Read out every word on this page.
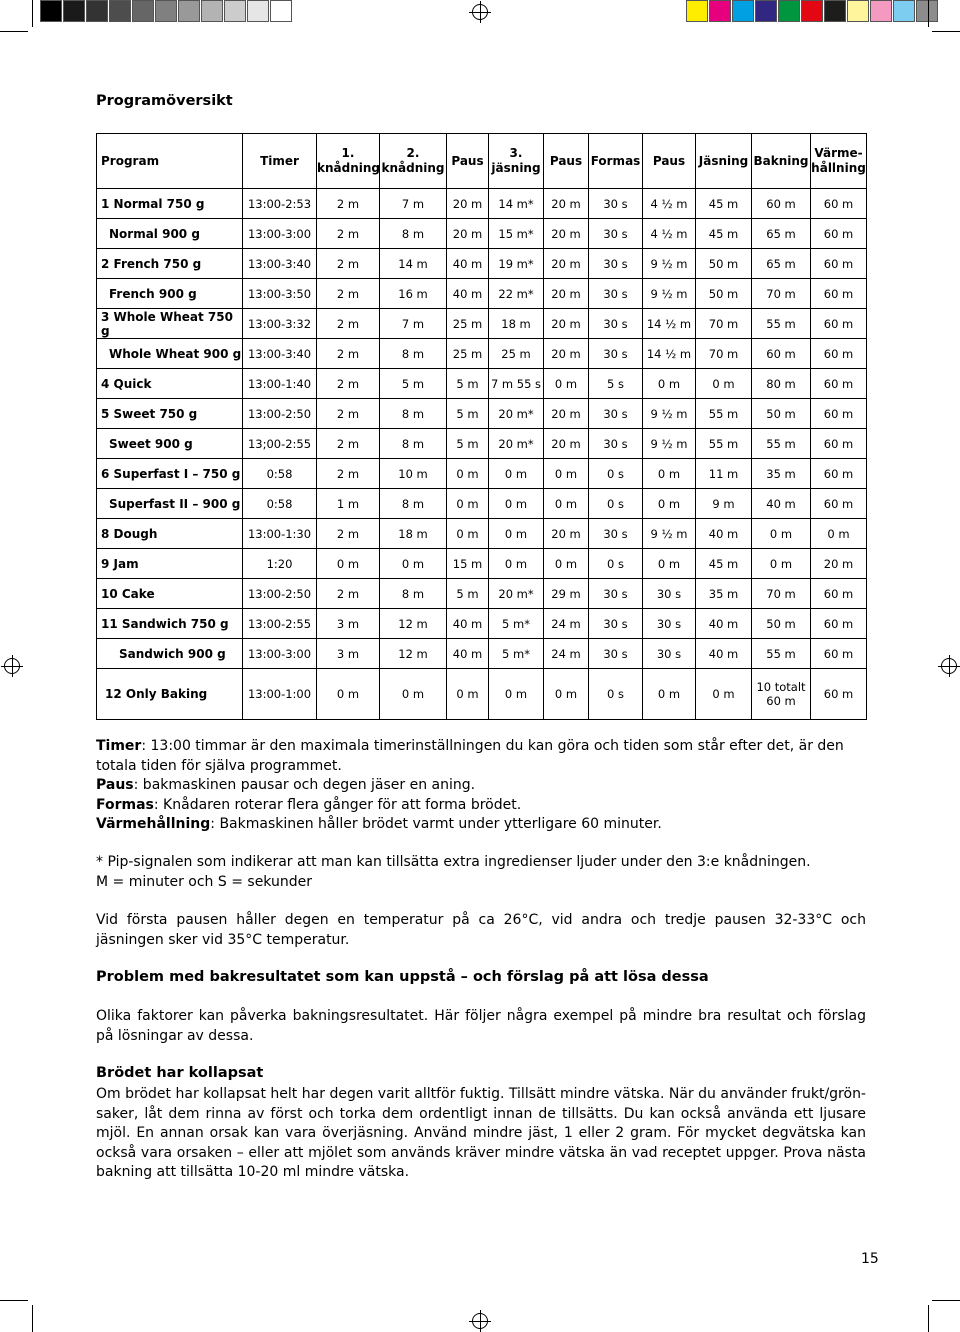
Programöversikt
Program	Timer	1. knådning	2. knådning	Paus	3. jäsning	Paus	Formas	Paus	Jäsning	Bakning	Värme-hållning
1 Normal 750 g	13:00-2:53	2 m	7 m	20 m	14 m*	20 m	30 s	4 ½ m	45 m	60 m	60 m
Normal 900 g	13:00-3:00	2 m	8 m	20 m	15 m*	20 m	30 s	4 ½ m	45 m	65 m	60 m
2 French 750 g	13:00-3:40	2 m	14 m	40 m	19 m*	20 m	30 s	9 ½ m	50 m	65 m	60 m
French 900 g	13:00-3:50	2 m	16 m	40 m	22 m*	20 m	30 s	9 ½ m	50 m	70 m	60 m
3 Whole Wheat 750 g	13:00-3:32	2 m	7 m	25 m	18 m	20 m	30 s	14 ½ m	70 m	55 m	60 m
Whole Wheat 900 g	13:00-3:40	2 m	8 m	25 m	25 m	20 m	30 s	14 ½ m	70 m	60 m	60 m
4 Quick	13:00-1:40	2 m	5 m	5 m	7 m 55 s	0 m	5 s	0 m	0 m	80 m	60 m
5 Sweet 750 g	13:00-2:50	2 m	8 m	5 m	20 m*	20 m	30 s	9 ½ m	55 m	50 m	60 m
Sweet 900 g	13;00-2:55	2 m	8 m	5 m	20 m*	20 m	30 s	9 ½ m	55 m	55 m	60 m
6 Superfast I – 750 g	0:58	2 m	10 m	0 m	0 m	0 m	0 s	0 m	11 m	35 m	60 m
Superfast II – 900 g	0:58	1 m	8 m	0 m	0 m	0 m	0 s	0 m	9 m	40 m	60 m
8 Dough	13:00-1:30	2 m	18 m	0 m	0 m	20 m	30 s	9 ½ m	40 m	0 m	0 m
9 Jam	1:20	0 m	0 m	15 m	0 m	0 m	0 s	0 m	45 m	0 m	20 m
10 Cake	13:00-2:50	2 m	8 m	5 m	20 m*	29 m	30 s	30 s	35 m	70 m	60 m
11 Sandwich 750 g	13:00-2:55	3 m	12 m	40 m	5 m*	24 m	30 s	30 s	40 m	50 m	60 m
Sandwich 900 g	13:00-3:00	3 m	12 m	40 m	5 m*	24 m	30 s	30 s	40 m	55 m	60 m
12 Only Baking	13:00-1:00	0 m	0 m	0 m	0 m	0 m	0 s	0 m	0 m	10 totalt 60 m	60 m
Timer: 13:00 timmar är den maximala timerinställningen du kan göra och tiden som står efter det, är den totala tiden för själva programmet.
Paus: bakmaskinen pausar och degen jäser en aning.
Formas: Knådaren roterar flera gånger för att forma brödet.
Värmehållning: Bakmaskinen håller brödet varmt under ytterligare 60 minuter.
* Pip-signalen som indikerar att man kan tillsätta extra ingredienser ljuder under den 3:e knådningen.
M = minuter och S = sekunder
Vid första pausen håller degen en temperatur på ca 26°C, vid andra och tredje pausen 32-33°C och jäsningen sker vid 35°C temperatur.
Problem med bakresultatet som kan uppstå – och förslag på att lösa dessa
Olika faktorer kan påverka bakningsresultatet. Här följer några exempel på mindre bra resultat och förslag på lösningar av dessa.
Brödet har kollapsat
Om brödet har kollapsat helt har degen varit alltför fuktig. Tillsätt mindre vätska. När du använder frukt/grön-saker, låt dem rinna av först och torka dem ordentligt innan de tillsätts. Du kan också använda ett ljusare mjöl. En annan orsak kan vara överjäsning. Använd mindre jäst, 1 eller 2 gram. För mycket degvätska kan också vara orsaken – eller att mjölet som används kräver mindre vätska än vad receptet uppger. Prova nästa bakning att tillsätta 10-20 ml mindre vätska.
15
